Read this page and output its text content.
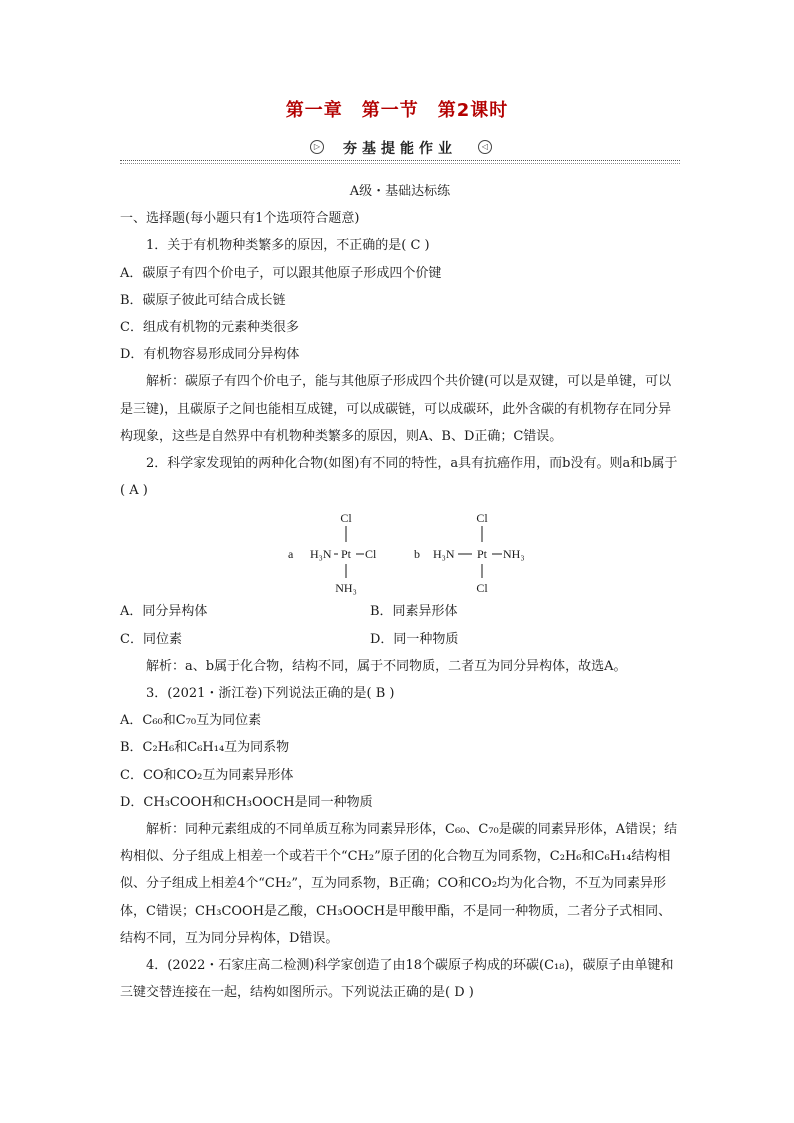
第一章　第一节　第2课时
▷	夯基提能作业	◁

A级・基础达标练

一、选择题(每小题只有1个选项符合题意)

1．关于有机物种类繁多的原因，不正确的是( C )

A．碳原子有四个价电子，可以跟其他原子形成四个价键

B．碳原子彼此可结合成长链

C．组成有机物的元素种类很多

D．有机物容易形成同分异构体

解析：碳原子有四个价电子，能与其他原子形成四个共价键(可以是双键，可以是单键，可以是三键)，且碳原子之间也能相互成键，可以成碳链，可以成碳环，此外含碳的有机物存在同分异构现象，这些是自然界中有机物种类繁多的原因，则A、B、D正确；C错误。

2．科学家发现铂的两种化合物(如图)有不同的特性，a具有抗癌作用，而b没有。则a和b属于( A )

a
Cl
H₃N Pt Cl
NH₃
b
Cl
H₃N Pt NH₃
Cl
A．同分异构体	B．同素异形体
C．同位素	D．同一种物质

解析：a、b属于化合物，结构不同，属于不同物质，二者互为同分异构体，故选A。

3．(2021・浙江卷)下列说法正确的是( B )

A．C₆₀和C₇₀互为同位素

B．C₂H₆和C₆H₁₄互为同系物

C．CO和CO₂互为同素异形体

D．CH₃COOH和CH₃OOCH是同一种物质

解析：同种元素组成的不同单质互称为同素异形体，C₆₀、C₇₀是碳的同素异形体，A错误；结构相似、分子组成上相差一个或若干个“CH₂”原子团的化合物互为同系物，C₂H₆和C₆H₁₄结构相似、分子组成上相差4个“CH₂”，互为同系物，B正确；CO和CO₂均为化合物，不互为同素异形体，C错误；CH₃COOH是乙酸，CH₃OOCH是甲酸甲酯，不是同一种物质，二者分子式相同、结构不同，互为同分异构体，D错误。

4．(2022・石家庄高二检测)科学家创造了由18个碳原子构成的环碳(C₁₈)，碳原子由单键和三键交替连接在一起，结构如图所示。下列说法正确的是( D )
